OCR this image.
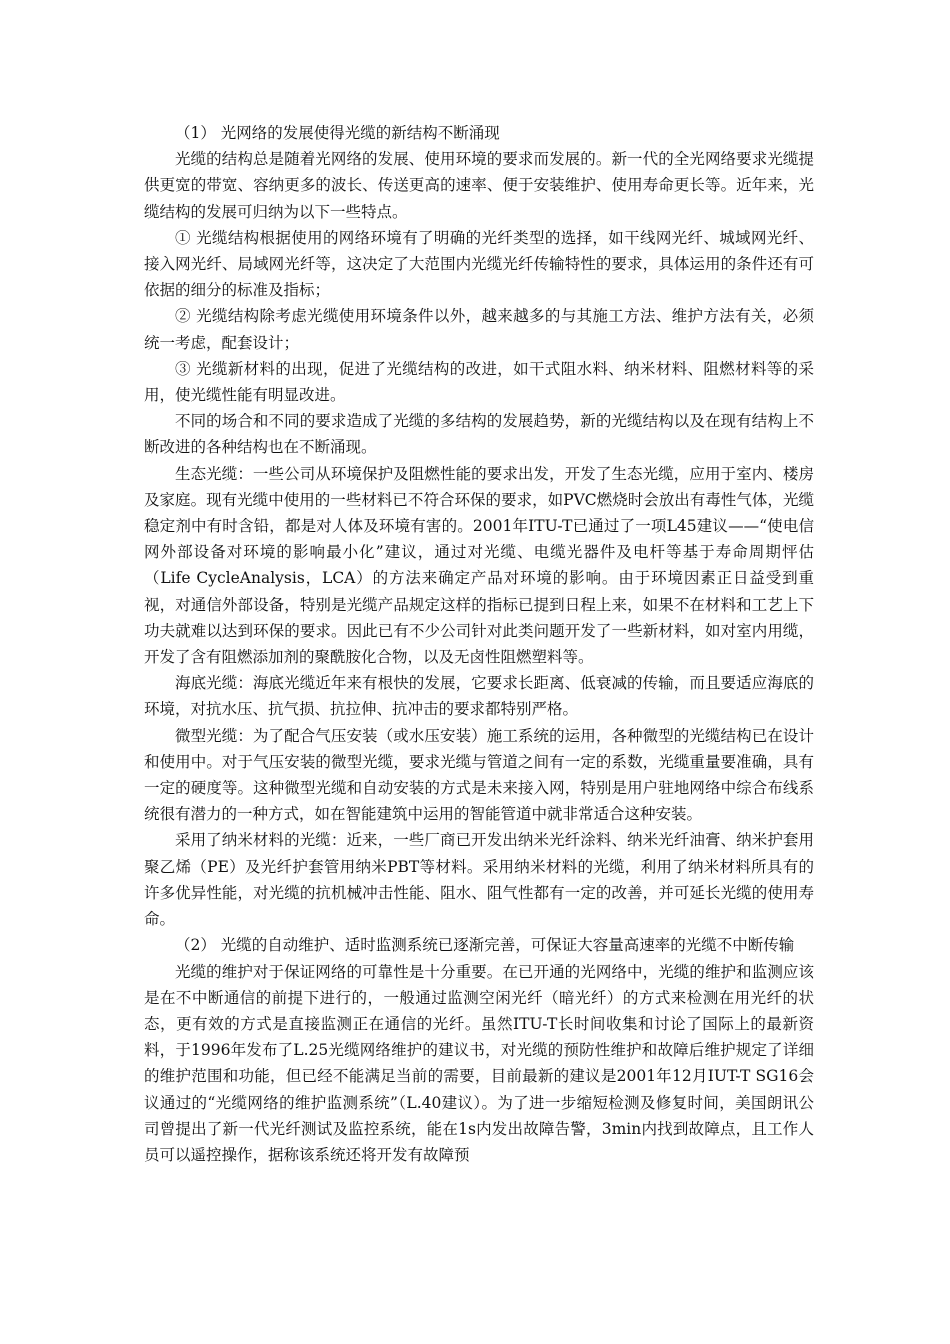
（1） 光网络的发展使得光缆的新结构不断涌现

光缆的结构总是随着光网络的发展、使用环境的要求而发展的。新一代的全光网络要求光缆提供更宽的带宽、容纳更多的波长、传送更高的速率、便于安装维护、使用寿命更长等。近年来，光缆结构的发展可归纳为以下一些特点。

① 光缆结构根据使用的网络环境有了明确的光纤类型的选择，如干线网光纤、城域网光纤、接入网光纤、局域网光纤等，这决定了大范围内光缆光纤传输特性的要求，具体运用的条件还有可依据的细分的标准及指标；

② 光缆结构除考虑光缆使用环境条件以外，越来越多的与其施工方法、维护方法有关，必须统一考虑，配套设计；

③ 光缆新材料的出现，促进了光缆结构的改进，如干式阻水料、纳米材料、阻燃材料等的采用，使光缆性能有明显改进。

不同的场合和不同的要求造成了光缆的多结构的发展趋势，新的光缆结构以及在现有结构上不断改进的各种结构也在不断涌现。

生态光缆：一些公司从环境保护及阻燃性能的要求出发，开发了生态光缆，应用于室内、楼房及家庭。现有光缆中使用的一些材料已不符合环保的要求，如PVC燃烧时会放出有毒性气体，光缆稳定剂中有时含铅，都是对人体及环境有害的。2001年ITU-T已通过了一项L45建议——“使电信网外部设备对环境的影响最小化”建议，通过对光缆、电缆光器件及电杆等基于寿命周期怦估（Life CycleAnalysis，LCA）的方法来确定产品对环境的影响。由于环境因素正日益受到重视，对通信外部设备，特别是光缆产品规定这样的指标已提到日程上来，如果不在材料和工艺上下功夫就难以达到环保的要求。因此已有不少公司针对此类问题开发了一些新材料，如对室内用缆，开发了含有阻燃添加剂的聚酰胺化合物，以及无卤性阻燃塑料等。

海底光缆：海底光缆近年来有根快的发展，它要求长距离、低衰减的传输，而且要适应海底的环境，对抗水压、抗气损、抗拉伸、抗冲击的要求都特别严格。

微型光缆：为了配合气压安装（或水压安装）施工系统的运用，各种微型的光缆结构已在设计和使用中。对于气压安装的微型光缆，要求光缆与管道之间有一定的系数，光缆重量要准确，具有一定的硬度等。这种微型光缆和自动安装的方式是未来接入网，特别是用户驻地网络中综合布线系统很有潜力的一种方式，如在智能建筑中运用的智能管道中就非常适合这种安装。

采用了纳米材料的光缆：近来，一些厂商已开发出纳米光纤涂料、纳米光纤油膏、纳米护套用聚乙烯（PE）及光纤护套管用纳米PBT等材料。采用纳米材料的光缆，利用了纳米材料所具有的许多优异性能，对光缆的抗机械冲击性能、阻水、阻气性都有一定的改善，并可延长光缆的使用寿命。

（2） 光缆的自动维护、适时监测系统已逐渐完善，可保证大容量高速率的光缆不中断传输

光缆的维护对于保证网络的可靠性是十分重要。在已开通的光网络中，光缆的维护和监测应该是在不中断通信的前提下进行的，一般通过监测空闲光纤（暗光纤）的方式来检测在用光纤的状态，更有效的方式是直接监测正在通信的光纤。虽然ITU-T长时间收集和讨论了国际上的最新资料，于1996年发布了L.25光缆网络维护的建议书，对光缆的预防性维护和故障后维护规定了详细的维护范围和功能，但已经不能满足当前的需要，目前最新的建议是2001年12月IUT-T SG16会议通过的“光缆网络的维护监测系统”（L.40建议）。为了进一步缩短检测及修复时间，美国朗讯公司曾提出了新一代光纤测试及监控系统，能在1s内发出故障告警，3min内找到故障点，且工作人员可以遥控操作，据称该系统还将开发有故障预
